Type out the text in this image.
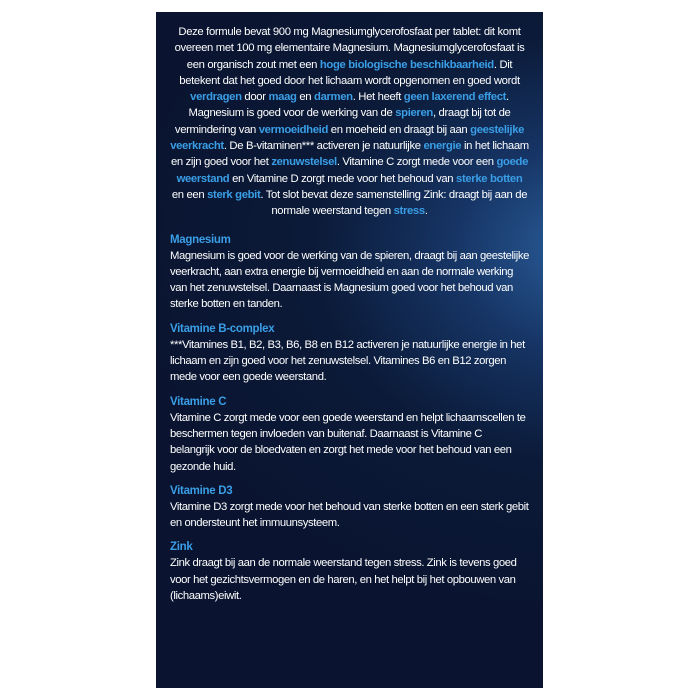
Deze formule bevat 900 mg Magnesiumglycerofosfaat per tablet: dit komt overeen met 100 mg elementaire Magnesium. Magnesiumglycerofosfaat is een organisch zout met een hoge biologische beschikbaarheid. Dit betekent dat het goed door het lichaam wordt opgenomen en goed wordt verdragen door maag en darmen. Het heeft geen laxerend effect. Magnesium is goed voor de werking van de spieren, draagt bij tot de vermindering van vermoeidheid en moeheid en draagt bij aan geestelijke veerkracht. De B-vitaminen*** activeren je natuurlijke energie in het lichaam en zijn goed voor het zenuwstelsel. Vitamine C zorgt mede voor een goede weerstand en Vitamine D zorgt mede voor het behoud van sterke botten en een sterk gebit. Tot slot bevat deze samenstelling Zink: draagt bij aan de normale weerstand tegen stress.

Magnesium

Magnesium is goed voor de werking van de spieren, draagt bij aan geestelijke veerkracht, aan extra energie bij vermoeidheid en aan de normale werking van het zenuwstelsel. Daarnaast is Magnesium goed voor het behoud van sterke botten en tanden.

Vitamine B-complex

***Vitamines B1, B2, B3, B6, B8 en B12 activeren je natuurlijke energie in het lichaam en zijn goed voor het zenuwstelsel. Vitamines B6 en B12 zorgen mede voor een goede weerstand.

Vitamine C

Vitamine C zorgt mede voor een goede weerstand en helpt lichaamscellen te beschermen tegen invloeden van buitenaf. Daarnaast is Vitamine C belangrijk voor de bloedvaten en zorgt het mede voor het behoud van een gezonde huid.

Vitamine D3

Vitamine D3 zorgt mede voor het behoud van sterke botten en een sterk gebit en ondersteunt het immuunsysteem.

Zink

Zink draagt bij aan de normale weerstand tegen stress. Zink is tevens goed voor het gezichtsvermogen en de haren, en het helpt bij het opbouwen van (lichaams)eiwit.
